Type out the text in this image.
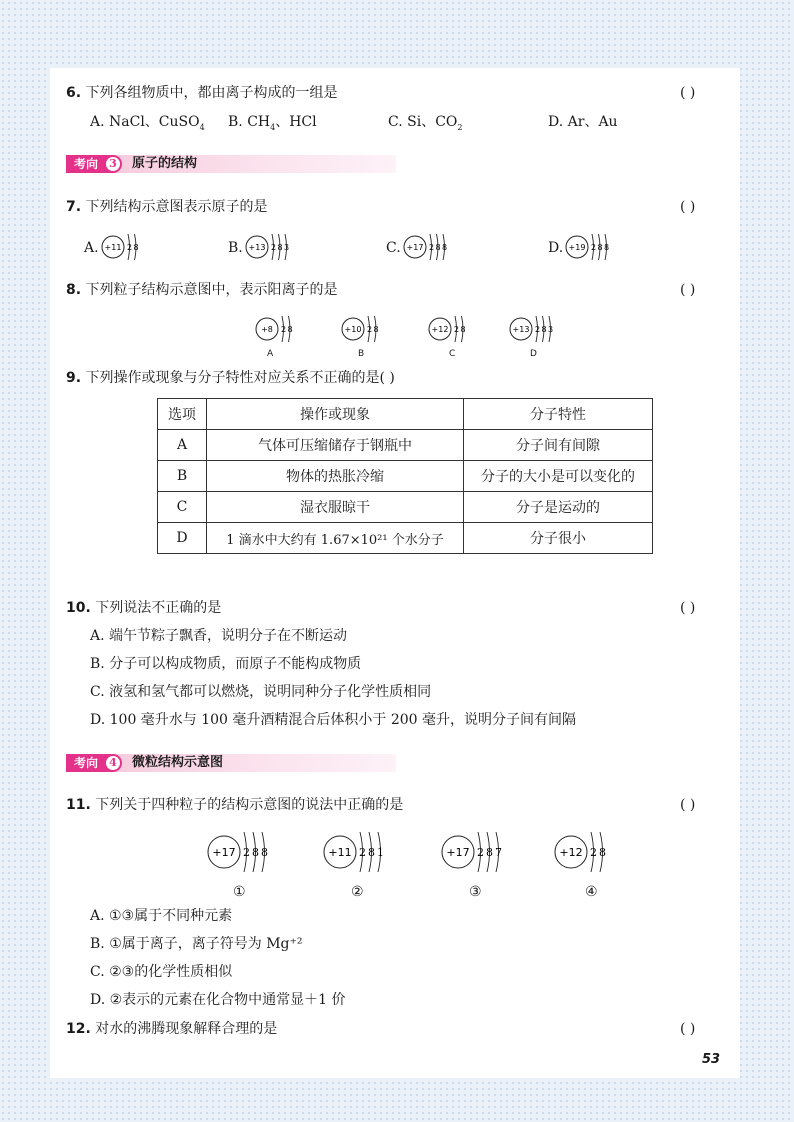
6. 下列各组物质中，都由离子构成的一组是	( )
A. NaCl、CuSO$_4$ B. $CH_4$、HCl	C. Si、$CO_2$	D. Ar、Au
考向	3 原子的结构
7. 下列结构示意图表示原子的是	( )
A.	B.	C.	D.
+11 2 8	+13 2 8 3	+17 2 8 8	+19 2 8 8
8. 下列粒子结构示意图中，表示阳离子的是	( )
+8 2 8	+10 2 8	+12 2 8	+13 2 8 3
A	B	C	D
9. 下列操作或现象与分子特性对应关系不正确的是( )
选项	操作或现象	分子特性
A	气体可压缩储存于钢瓶中	分子间有间隙
B	物体的热胀冷缩	分子的大小是可以变化的
C	湿衣服晾干	分子是运动的
D	1 滴水中大约有 1.67×10²¹ 个水分子	分子很小
10. 下列说法不正确的是	( )
A. 端午节粽子飘香，说明分子在不断运动
B. 分子可以构成物质，而原子不能构成物质
C. 液氢和氢气都可以燃烧，说明同种分子化学性质相同
D. 100 毫升水与 100 毫升酒精混合后体积小于 200 毫升，说明分子间有间隔
考向	4 微粒结构示意图
11. 下列关于四种粒子的结构示意图的说法中正确的是	( )
+17 2 8 8	+11 2 8 1	+17 2 8 7	+12 2 8
①	②	③	④
A. ①③属于不同种元素
B. ①属于离子，离子符号为 Mg⁺²
C. ②③的化学性质相似
D. ②表示的元素在化合物中通常显＋1 价
12. 对水的沸腾现象解释合理的是	( )
53
